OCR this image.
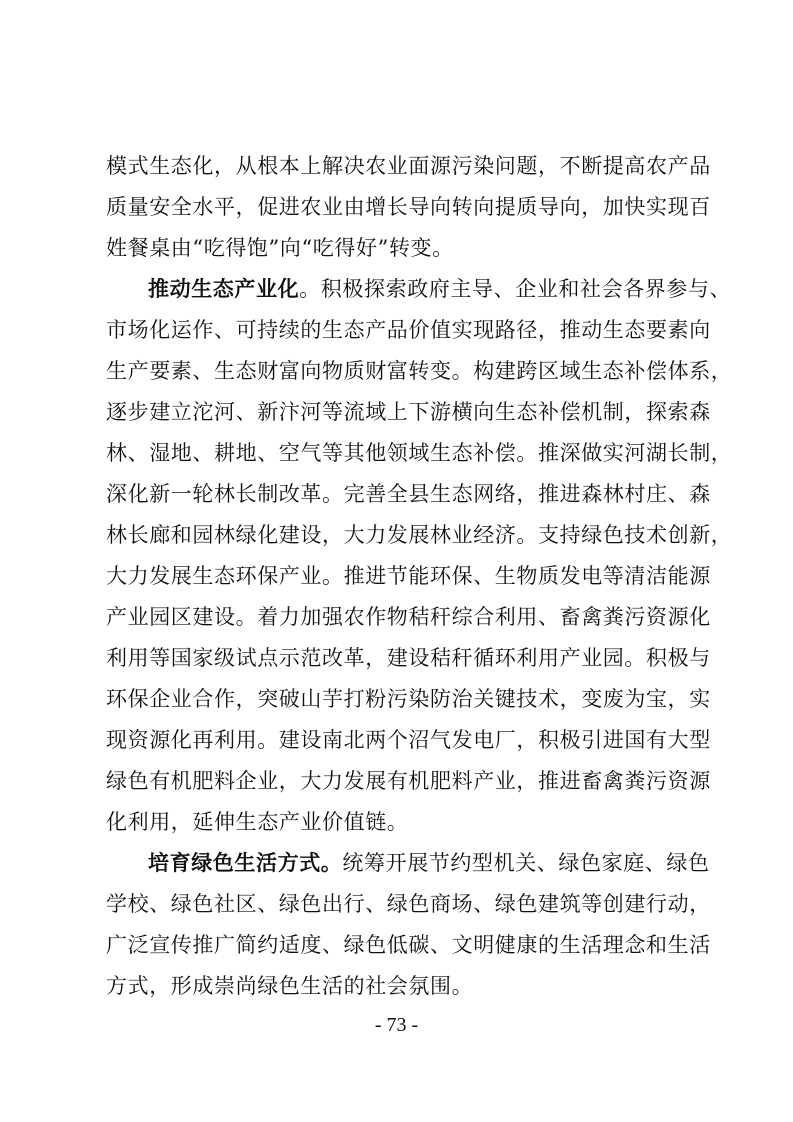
模式生态化，从根本上解决农业面源污染问题，不断提高农产品
质量安全水平，促进农业由增长导向转向提质导向，加快实现百
姓餐桌由“吃得饱”向“吃得好”转变。
推动生态产业化。积极探索政府主导、企业和社会各界参与、
市场化运作、可持续的生态产品价值实现路径，推动生态要素向
生产要素、生态财富向物质财富转变。构建跨区域生态补偿体系，
逐步建立沱河、新汴河等流域上下游横向生态补偿机制，探索森
林、湿地、耕地、空气等其他领域生态补偿。推深做实河湖长制，
深化新一轮林长制改革。完善全县生态网络，推进森林村庄、森
林长廊和园林绿化建设，大力发展林业经济。支持绿色技术创新，
大力发展生态环保产业。推进节能环保、生物质发电等清洁能源
产业园区建设。着力加强农作物秸秆综合利用、畜禽粪污资源化
利用等国家级试点示范改革，建设秸秆循环利用产业园。积极与
环保企业合作，突破山芋打粉污染防治关键技术，变废为宝，实
现资源化再利用。建设南北两个沼气发电厂，积极引进国有大型
绿色有机肥料企业，大力发展有机肥料产业，推进畜禽粪污资源
化利用，延伸生态产业价值链。
培育绿色生活方式。统筹开展节约型机关、绿色家庭、绿色
学校、绿色社区、绿色出行、绿色商场、绿色建筑等创建行动，
广泛宣传推广简约适度、绿色低碳、文明健康的生活理念和生活
方式，形成崇尚绿色生活的社会氛围。
- 73 -
